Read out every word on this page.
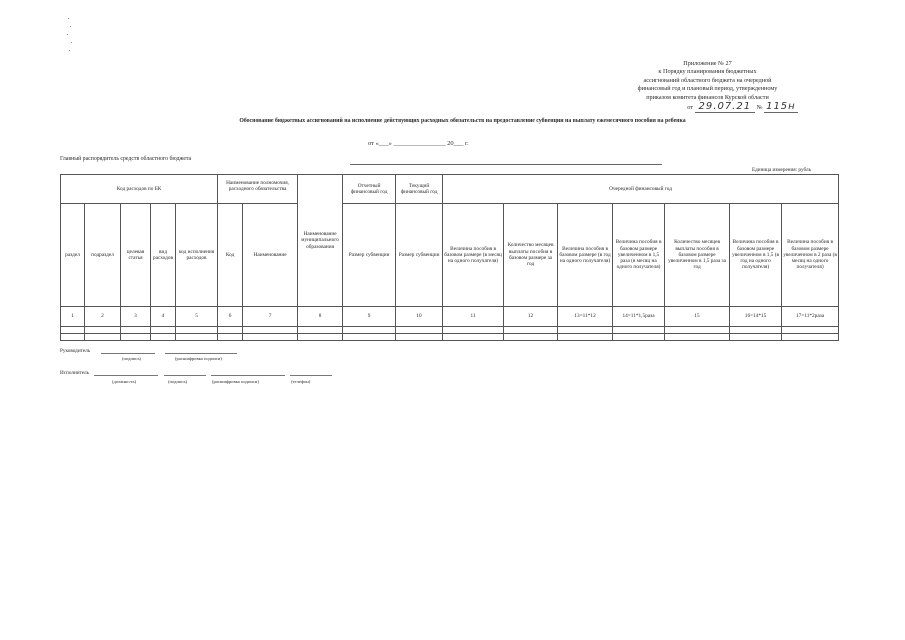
Приложение № 27
к Порядку планирования бюджетных
ассигнований областного бюджета на очередной
финансовый год и плановый период, утвержденному
приказом комитета финансов Курской области
от 29.07.21 № 115н
Обоснование бюджетных ассигнований на исполнение действующих расходных обязательств на предоставление субвенции на выплату ежемесячного пособия на ребенка
от «___» ________________ 20___ г.
Главный распорядитель средств областного бюджета
Единица измерения: рубль
Код расходов по БК					Наименование полномочия, расходного обязательства		Наименование муниципального образования	Отчетный финансовый год	Текущий финансовый год	Очередной финансовый год						
раздел	подраздел	целевая статья	вид расходов	код исполнения расходов	Код	Наименование		Размер субвенции	Размер субвенции	Величина пособия в базовом размере (в месяц на одного получателя)	Количество месяцев выплаты пособия в базовом размере за год	Величина пособия в базовом размере (в год на одного получателя)	Величина пособия в базовом размере увеличенном в 1,5 раза (в месяц на одного получателя)	Количество месяцев выплаты пособия в базовом размере увеличенном в 1,5 раза за год	Величина пособия в базовом размере увеличенном в 1,5 (в год на одного получателя)	Величина пособия в базовом размере увеличенном в 2 раза (в месяц на одного получателя)
1	2	3	4	5	6	7	8	9	10	11	12	13=11*12	14=11*1,5раза	15	16=14*15	17=11*2раза

Руководитель
(подпись)	(расшифровка подписи)
Исполнитель
(должность)	(подпись)	(расшифровка подписи)	(телефон)
